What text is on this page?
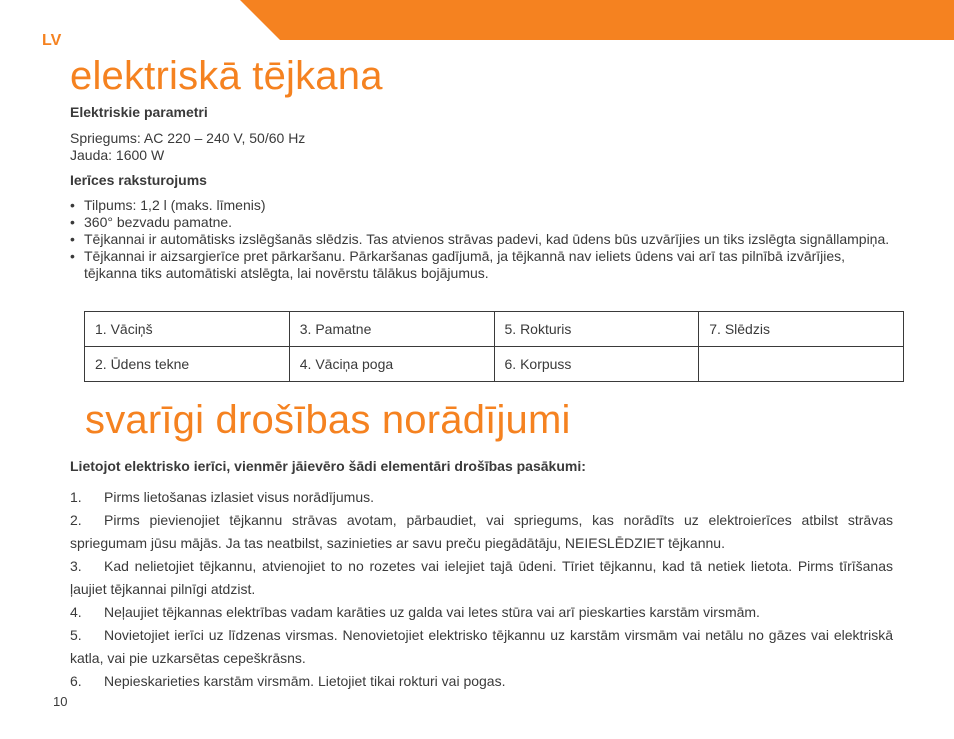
LV
elektriskā tējkana

Elektriskie parametri

Spriegums: AC 220 – 240 V, 50/60 Hz

Jauda: 1600 W

Ierīces raksturojums

• Tilpums: 1,2 l (maks. līmenis)
• 360° bezvadu pamatne.
• Tējkannai ir automātisks izslēgšanās slēdzis. Tas atvienos strāvas padevi, kad ūdens būs uzvārījies un tiks izslēgta signāllampiņa.
• Tējkannai ir aizsargierīce pret pārkaršanu. Pārkaršanas gadījumā, ja tējkannā nav ieliets ūdens vai arī tas pilnībā izvārījies, tējkanna tiks automātiski atslēgta, lai novērstu tālākus bojājumus.
1. Vāciņš	3. Pamatne	5. Rokturis	7. Slēdzis
2. Ūdens tekne	4. Vāciņa poga	6. Korpuss	
svarīgi drošības norādījumi

Lietojot elektrisko ierīci, vienmēr jāievēro šādi elementāri drošības pasākumi:

1. Pirms lietošanas izlasiet visus norādījumus.
2. Pirms pievienojiet tējkannu strāvas avotam, pārbaudiet, vai spriegums, kas norādīts uz elektroierīces atbilst strāvas spriegumam jūsu mājās. Ja tas neatbilst, sazinieties ar savu preču piegādātāju, NEIESLĒDZIET tējkannu.
3. Kad nelietojiet tējkannu, atvienojiet to no rozetes vai ielejiet tajā ūdeni. Tīriet tējkannu, kad tā netiek lietota. Pirms tīrīšanas ļaujiet tējkannai pilnīgi atdzist.
4. Neļaujiet tējkannas elektrības vadam karāties uz galda vai letes stūra vai arī pieskarties karstām virsmām.
5. Novietojiet ierīci uz līdzenas virsmas. Nenovietojiet elektrisko tējkannu uz karstām virsmām vai netālu no gāzes vai elektriskā katla, vai pie uzkarsētas cepeškrāsns.
6. Nepieskarieties karstām virsmām. Lietojiet tikai rokturi vai pogas.
10
